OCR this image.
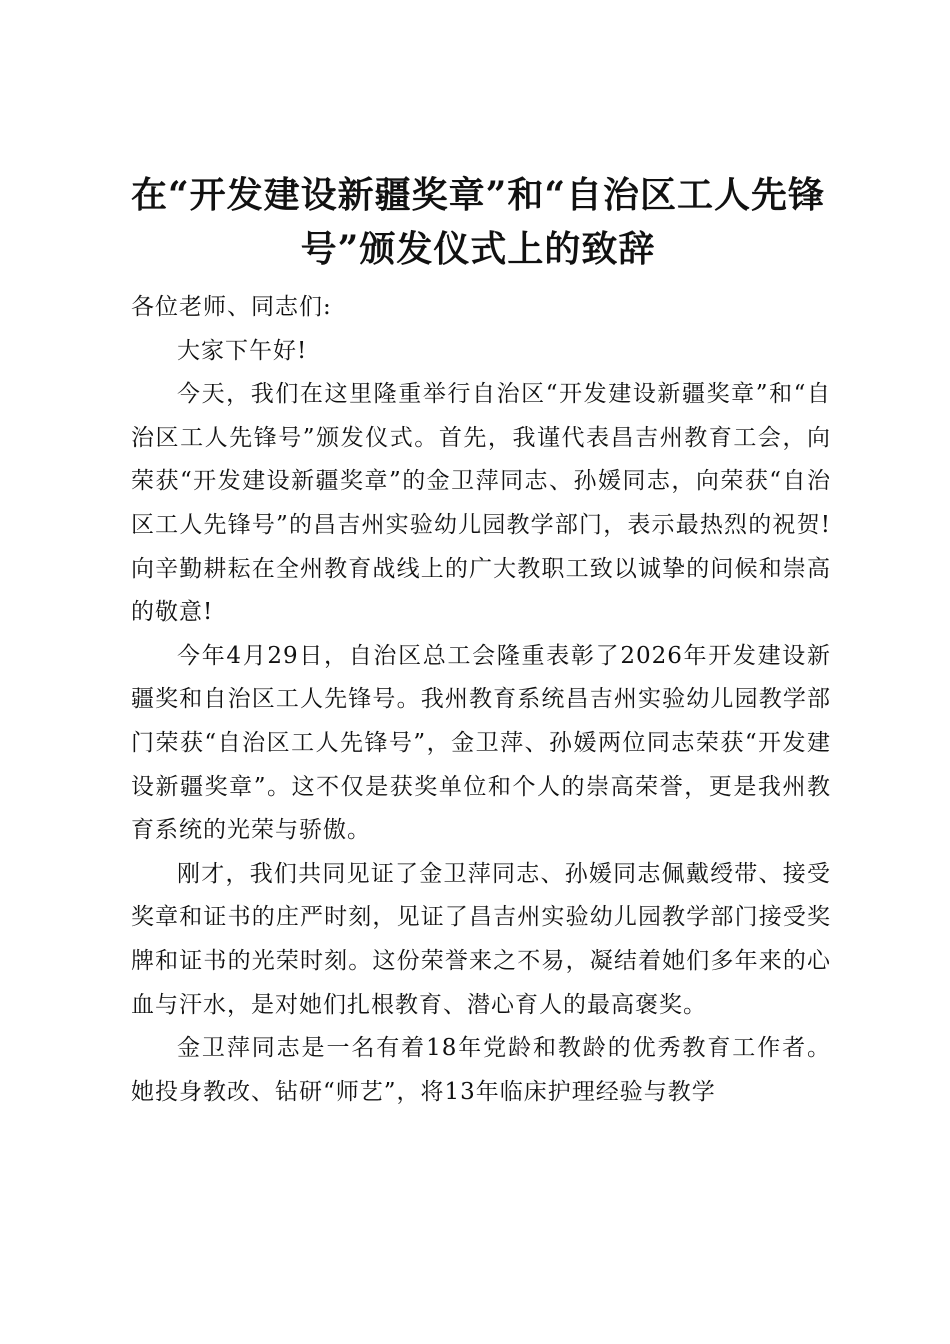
在“开发建设新疆奖章”和“自治区工人先锋
号”颁发仪式上的致辞

各位老师、同志们:

大家下午好!

今天，我们在这里隆重举行自治区“开发建设新疆奖章”和“自治区工人先锋号”颁发仪式。首先，我谨代表昌吉州教育工会，向荣获“开发建设新疆奖章”的金卫萍同志、孙媛同志，向荣获“自治区工人先锋号”的昌吉州实验幼儿园教学部门，表示最热烈的祝贺!向辛勤耕耘在全州教育战线上的广大教职工致以诚挚的问候和崇高的敬意!

今年4月29日，自治区总工会隆重表彰了2026年开发建设新疆奖和自治区工人先锋号。我州教育系统昌吉州实验幼儿园教学部门荣获“自治区工人先锋号”，金卫萍、孙媛两位同志荣获“开发建设新疆奖章”。这不仅是获奖单位和个人的崇高荣誉，更是我州教育系统的光荣与骄傲。

刚才，我们共同见证了金卫萍同志、孙媛同志佩戴绶带、接受奖章和证书的庄严时刻，见证了昌吉州实验幼儿园教学部门接受奖牌和证书的光荣时刻。这份荣誉来之不易，凝结着她们多年来的心血与汗水，是对她们扎根教育、潜心育人的最高褒奖。

金卫萍同志是一名有着18年党龄和教龄的优秀教育工作者。她投身教改、钻研“师艺”，将13年临床护理经验与教学
